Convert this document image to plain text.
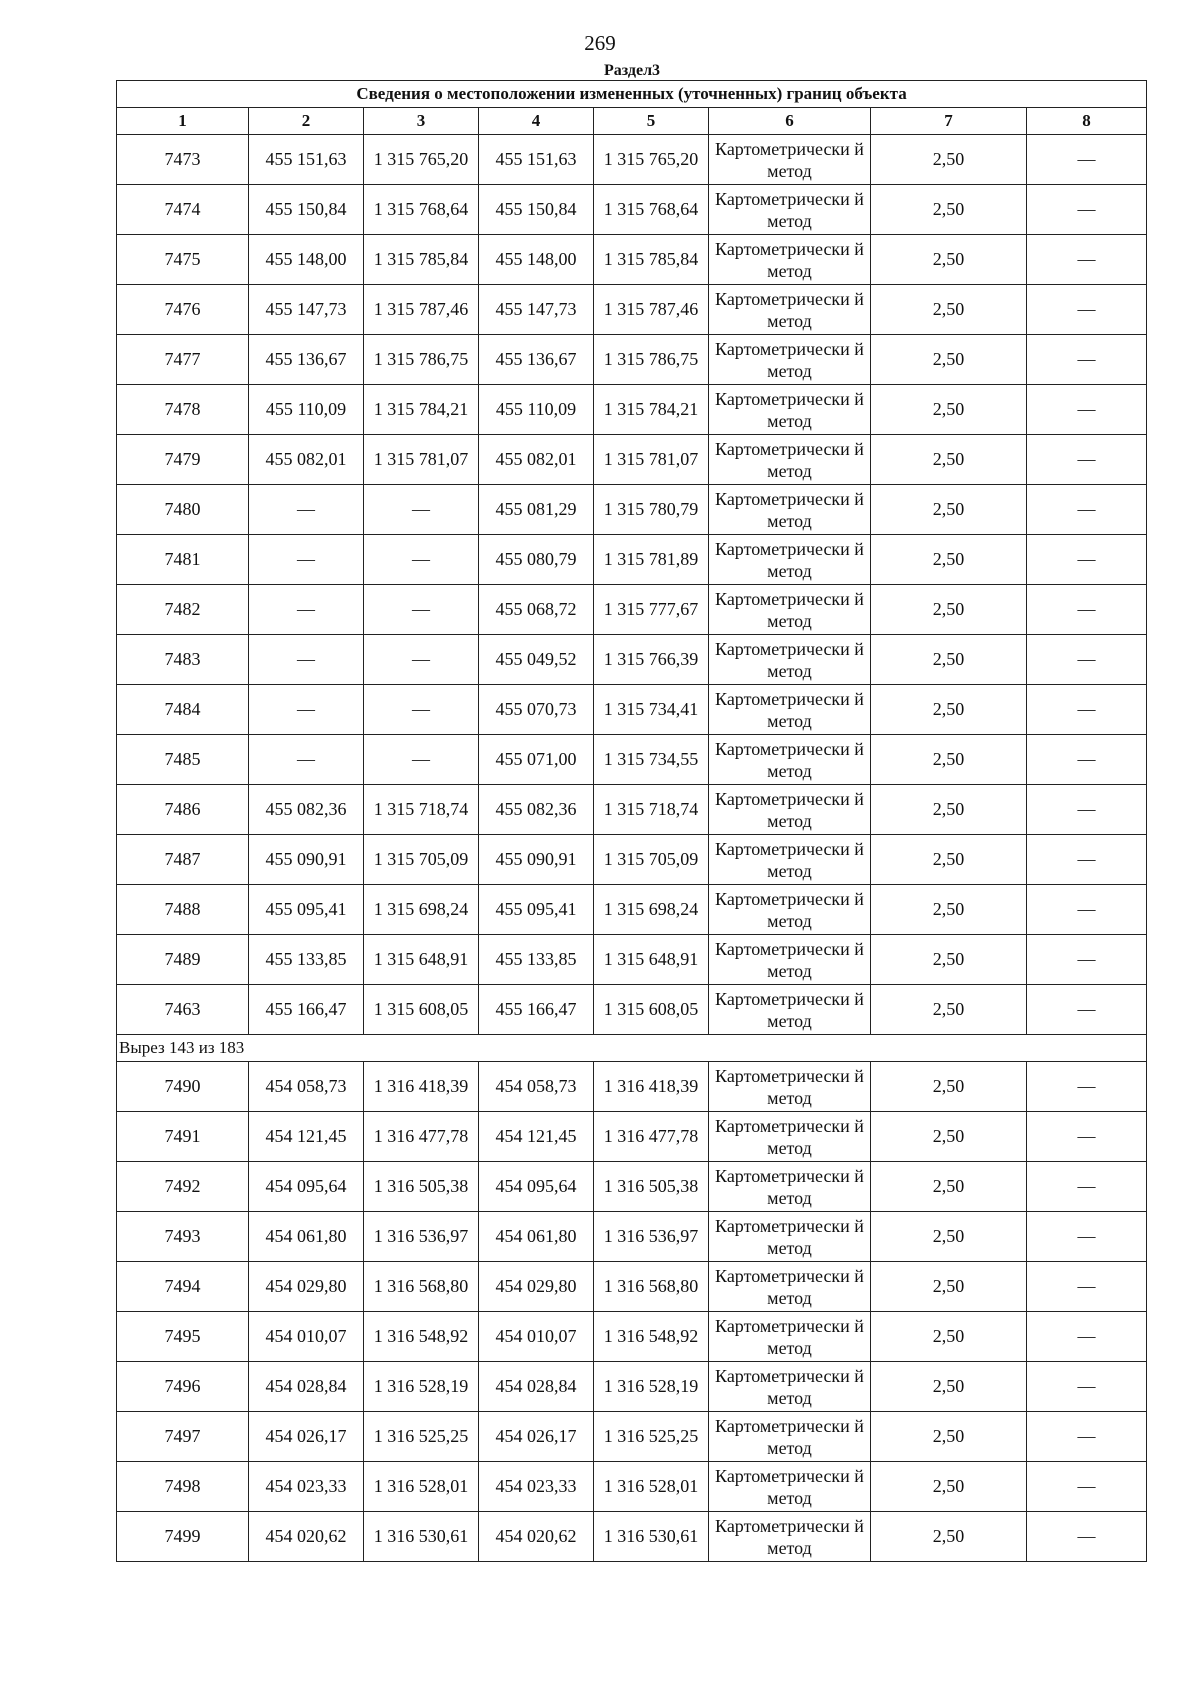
269
Раздел3
Сведения о местоположении измененных (уточненных) границ объекта							
1	2	3	4	5	6	7	8
7473	455 151,63	1 315 765,20	455 151,63	1 315 765,20	Картометрически й метод	2,50	—
7474	455 150,84	1 315 768,64	455 150,84	1 315 768,64	Картометрически й метод	2,50	—
7475	455 148,00	1 315 785,84	455 148,00	1 315 785,84	Картометрически й метод	2,50	—
7476	455 147,73	1 315 787,46	455 147,73	1 315 787,46	Картометрически й метод	2,50	—
7477	455 136,67	1 315 786,75	455 136,67	1 315 786,75	Картометрически й метод	2,50	—
7478	455 110,09	1 315 784,21	455 110,09	1 315 784,21	Картометрически й метод	2,50	—
7479	455 082,01	1 315 781,07	455 082,01	1 315 781,07	Картометрически й метод	2,50	—
7480	—	—	455 081,29	1 315 780,79	Картометрически й метод	2,50	—
7481	—	—	455 080,79	1 315 781,89	Картометрически й метод	2,50	—
7482	—	—	455 068,72	1 315 777,67	Картометрически й метод	2,50	—
7483	—	—	455 049,52	1 315 766,39	Картометрически й метод	2,50	—
7484	—	—	455 070,73	1 315 734,41	Картометрически й метод	2,50	—
7485	—	—	455 071,00	1 315 734,55	Картометрически й метод	2,50	—
7486	455 082,36	1 315 718,74	455 082,36	1 315 718,74	Картометрически й метод	2,50	—
7487	455 090,91	1 315 705,09	455 090,91	1 315 705,09	Картометрически й метод	2,50	—
7488	455 095,41	1 315 698,24	455 095,41	1 315 698,24	Картометрически й метод	2,50	—
7489	455 133,85	1 315 648,91	455 133,85	1 315 648,91	Картометрически й метод	2,50	—
7463	455 166,47	1 315 608,05	455 166,47	1 315 608,05	Картометрически й метод	2,50	—
Вырез 143 из 183							
7490	454 058,73	1 316 418,39	454 058,73	1 316 418,39	Картометрически й метод	2,50	—
7491	454 121,45	1 316 477,78	454 121,45	1 316 477,78	Картометрически й метод	2,50	—
7492	454 095,64	1 316 505,38	454 095,64	1 316 505,38	Картометрически й метод	2,50	—
7493	454 061,80	1 316 536,97	454 061,80	1 316 536,97	Картометрически й метод	2,50	—
7494	454 029,80	1 316 568,80	454 029,80	1 316 568,80	Картометрически й метод	2,50	—
7495	454 010,07	1 316 548,92	454 010,07	1 316 548,92	Картометрически й метод	2,50	—
7496	454 028,84	1 316 528,19	454 028,84	1 316 528,19	Картометрически й метод	2,50	—
7497	454 026,17	1 316 525,25	454 026,17	1 316 525,25	Картометрически й метод	2,50	—
7498	454 023,33	1 316 528,01	454 023,33	1 316 528,01	Картометрически й метод	2,50	—
7499	454 020,62	1 316 530,61	454 020,62	1 316 530,61	Картометрически й метод	2,50	—
